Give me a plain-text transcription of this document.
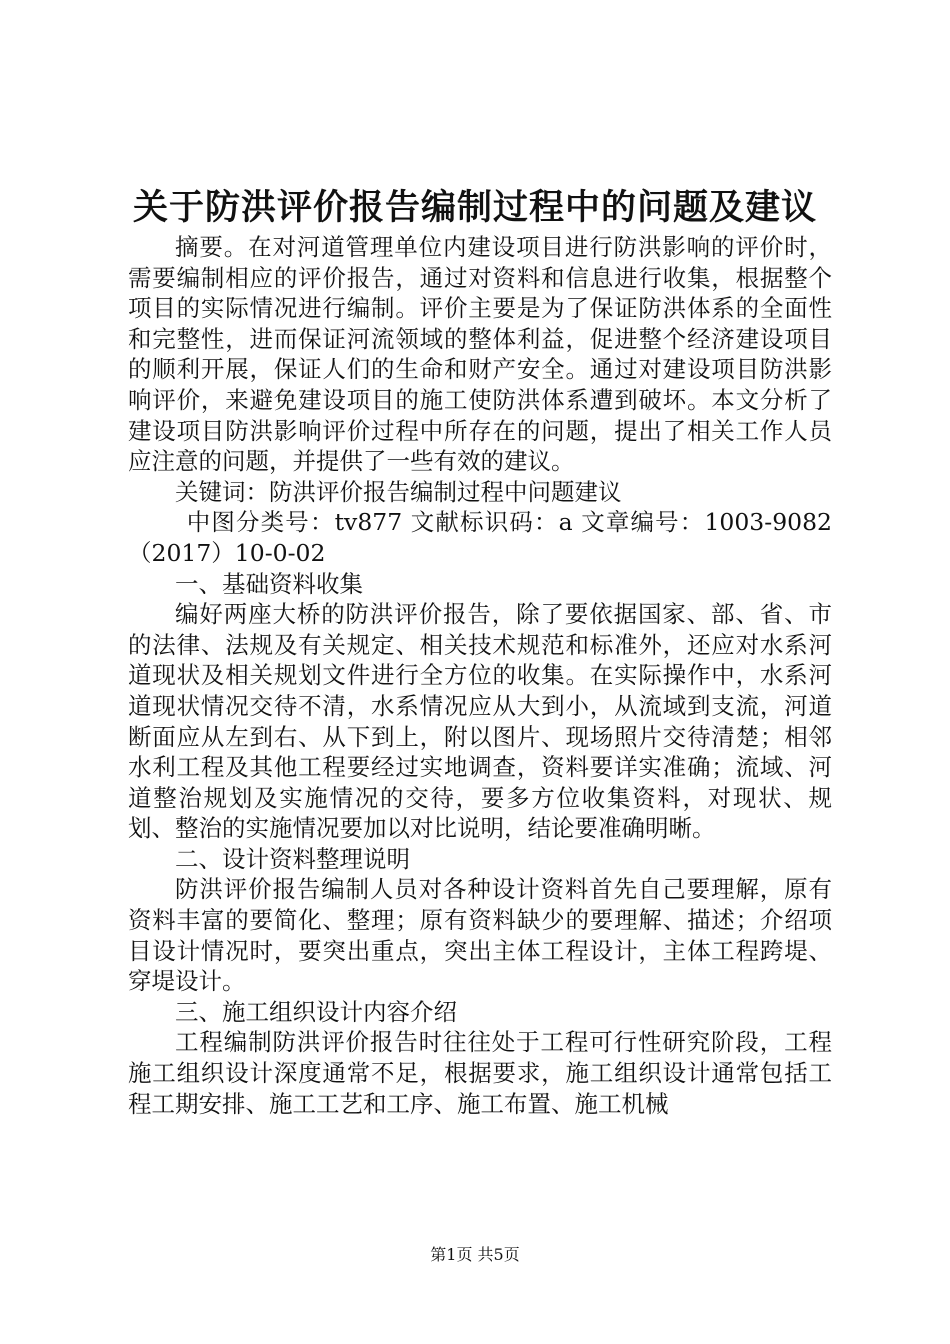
关于防洪评价报告编制过程中的问题及建议

摘要。在对河道管理单位内建设项目进行防洪影响的评价时，需要编制相应的评价报告，通过对资料和信息进行收集，根据整个项目的实际情况进行编制。评价主要是为了保证防洪体系的全面性和完整性，进而保证河流领域的整体利益，促进整个经济建设项目的顺利开展，保证人们的生命和财产安全。通过对建设项目防洪影响评价，来避免建设项目的施工使防洪体系遭到破坏。本文分析了建设项目防洪影响评价过程中所存在的问题，提出了相关工作人员应注意的问题，并提供了一些有效的建议。

关键词：防洪评价报告编制过程中问题建议

中图分类号：tv877 文献标识码：a 文章编号：1003-9082（2017）10-0-02

一、基础资料收集

编好两座大桥的防洪评价报告，除了要依据国家、部、省、市的法律、法规及有关规定、相关技术规范和标准外，还应对水系河道现状及相关规划文件进行全方位的收集。在实际操作中，水系河道现状情况交待不清，水系情况应从大到小，从流域到支流，河道断面应从左到右、从下到上，附以图片、现场照片交待清楚；相邻水利工程及其他工程要经过实地调查，资料要详实准确；流域、河道整治规划及实施情况的交待，要多方位收集资料，对现状、规划、整治的实施情况要加以对比说明，结论要准确明晰。

二、设计资料整理说明

防洪评价报告编制人员对各种设计资料首先自己要理解，原有资料丰富的要简化、整理；原有资料缺少的要理解、描述；介绍项目设计情况时，要突出重点，突出主体工程设计，主体工程跨堤、穿堤设计。

三、施工组织设计内容介绍

工程编制防洪评价报告时往往处于工程可行性研究阶段，工程施工组织设计深度通常不足，根据要求，施工组织设计通常包括工程工期安排、施工工艺和工序、施工布置、施工机械

第1页 共5页
